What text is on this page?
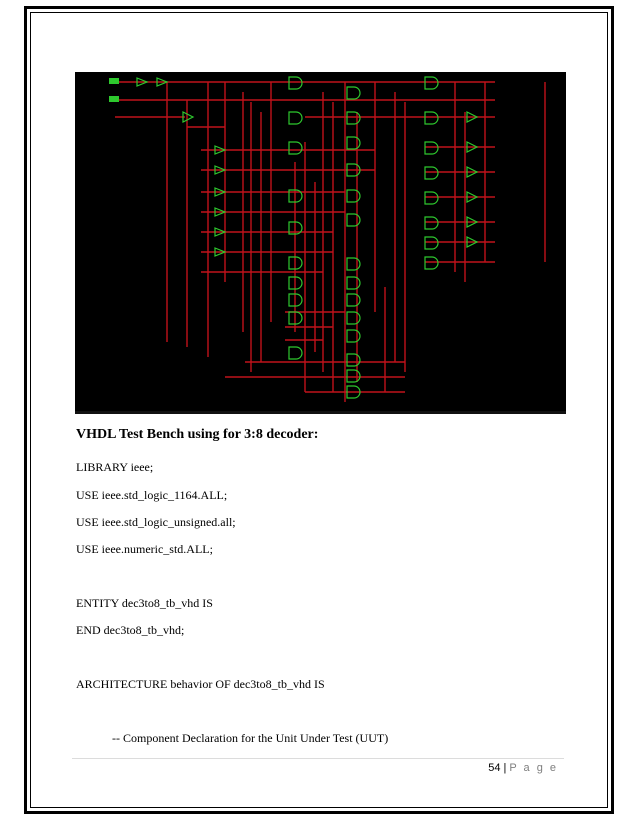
VHDL Test Bench using for 3:8 decoder:
LIBRARY ieee;
USE ieee.std_logic_1164.ALL;
USE ieee.std_logic_unsigned.all;
USE ieee.numeric_std.ALL;
ENTITY dec3to8_tb_vhd IS
END dec3to8_tb_vhd;
ARCHITECTURE behavior OF dec3to8_tb_vhd IS
-- Component Declaration for the Unit Under Test (UUT)
54 | P a g e
